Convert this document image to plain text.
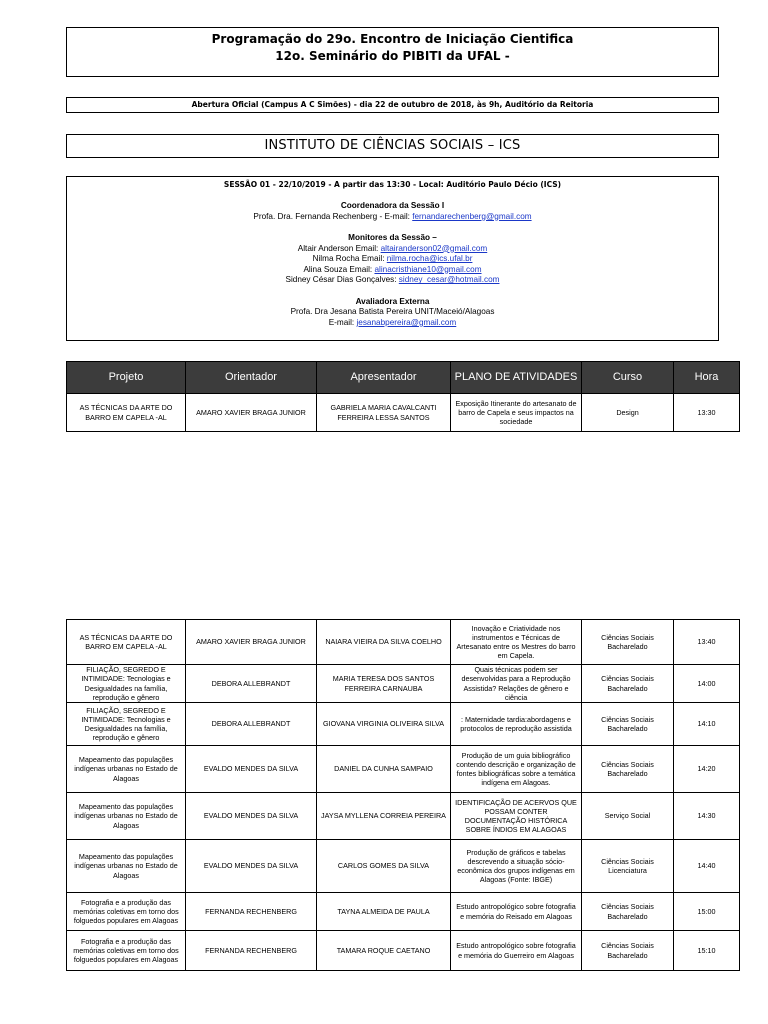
Programação do 29o. Encontro de Iniciação Cientifica
12o. Seminário do PIBITI da UFAL -
Abertura Oficial (Campus A C Simões) - dia 22 de outubro de 2018, às 9h, Auditório da Reitoria
INSTITUTO DE CIÊNCIAS SOCIAIS – ICS
SESSÃO 01 - 22/10/2019 - A partir das 13:30 - Local: Auditório Paulo Décio (ICS)
Coordenadora da Sessão I
Profa. Dra. Fernanda Rechenberg - E-mail: fernandarechenberg@gmail.com
Monitores da Sessão –
Altair Anderson Email: altairanderson02@gmail.com
Nilma Rocha Email: nilma.rocha@ics.ufal.br
Alina Souza Email: alinacristhiane10@gmail.com
Sidney César Dias Gonçalves: sidney_cesar@hotmail.com
Avaliadora Externa
Profa. Dra Jesana Batista Pereira UNIT/Maceió/Alagoas
E-mail: jesanabpereira@gmail.com
Projeto	Orientador	Apresentador	PLANO DE ATIVIDADES	Curso	Hora
AS TÉCNICAS DA ARTE DO BARRO EM CAPELA -AL	AMARO XAVIER BRAGA JUNIOR	GABRIELA MARIA CAVALCANTI FERREIRA LESSA SANTOS	Exposição Itinerante do artesanato de barro de Capela e seus impactos na sociedade	Design	13:30
AS TÉCNICAS DA ARTE DO BARRO EM CAPELA -AL	AMARO XAVIER BRAGA JUNIOR	NAIARA VIEIRA DA SILVA COELHO	Inovação e Criatividade nos instrumentos e Técnicas de Artesanato entre os Mestres do barro em Capela.	Ciências Sociais Bacharelado	13:40
FILIAÇÃO, SEGREDO E INTIMIDADE: Tecnologias e Desigualdades na família, reprodução e gênero	DEBORA ALLEBRANDT	MARIA TERESA DOS SANTOS FERREIRA CARNAUBA	Quais técnicas podem ser desenvolvidas para a Reprodução Assistida? Relações de gênero e ciência	Ciências Sociais Bacharelado	14:00
FILIAÇÃO, SEGREDO E INTIMIDADE: Tecnologias e Desigualdades na família, reprodução e gênero	DEBORA ALLEBRANDT	GIOVANA VIRGINIA OLIVEIRA SILVA	: Maternidade tardia:abordagens e protocolos de reprodução assistida	Ciências Sociais Bacharelado	14:10
Mapeamento das populações indígenas urbanas no Estado de Alagoas	EVALDO MENDES DA SILVA	DANIEL DA CUNHA SAMPAIO	Produção de um guia bibliográfico contendo descrição e organização de fontes bibliográficas sobre a temática indígena em Alagoas.	Ciências Sociais Bacharelado	14:20
Mapeamento das populações indígenas urbanas no Estado de Alagoas	EVALDO MENDES DA SILVA	JAYSA MYLLENA CORREIA PEREIRA	IDENTIFICAÇÃO DE ACERVOS QUE POSSAM CONTER DOCUMENTAÇÃO HISTÓRICA SOBRE ÍNDIOS EM ALAGOAS	Serviço Social	14:30
Mapeamento das populações indígenas urbanas no Estado de Alagoas	EVALDO MENDES DA SILVA	CARLOS GOMES DA SILVA	Produção de gráficos e tabelas descrevendo a situação sócio-econômica dos grupos indígenas em Alagoas (Fonte: IBGE)	Ciências Sociais Licenciatura	14:40
Fotografia e a produção das memórias coletivas em torno dos folguedos populares em Alagoas	FERNANDA RECHENBERG	TAYNA ALMEIDA DE PAULA	Estudo antropológico sobre fotografia e memória do Reisado em Alagoas	Ciências Sociais Bacharelado	15:00
Fotografia e a produção das memórias coletivas em torno dos folguedos populares em Alagoas	FERNANDA RECHENBERG	TAMARA ROQUE CAETANO	Estudo antropológico sobre fotografia e memória do Guerreiro em Alagoas	Ciências Sociais Bacharelado	15:10
